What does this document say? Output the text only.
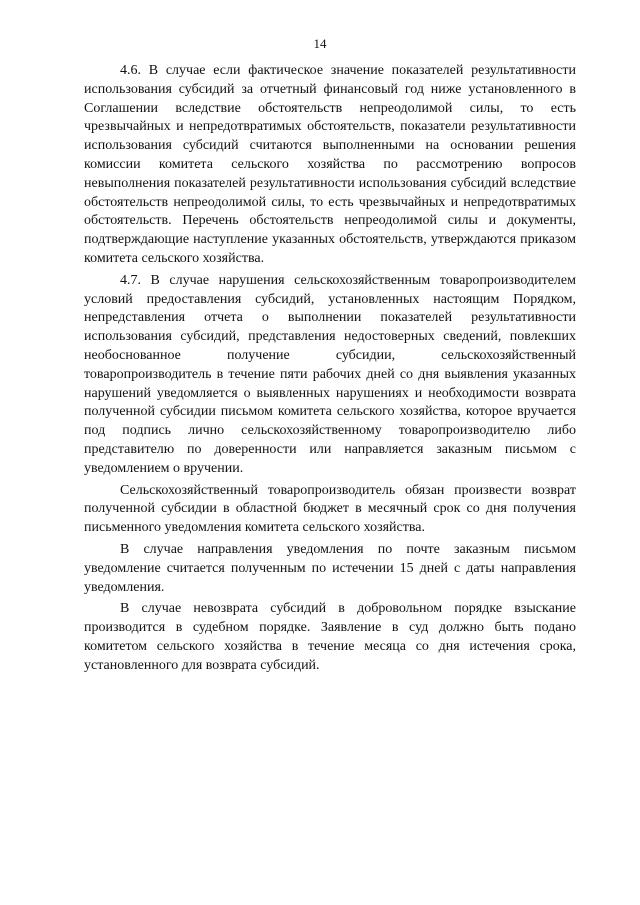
14

4.6. В случае если фактическое значение показателей результативности использования субсидий за отчетный финансовый год ниже установленного в Соглашении вследствие обстоятельств непреодолимой силы, то есть чрезвычайных и непредотвратимых обстоятельств, показатели результативности использования субсидий считаются выполненными на основании решения комиссии комитета сельского хозяйства по рассмотрению вопросов невыполнения показателей результативности использования субсидий вследствие обстоятельств непреодолимой силы, то есть чрезвычайных и непредотвратимых обстоятельств. Перечень обстоятельств непреодолимой силы и документы, подтверждающие наступление указанных обстоятельств, утверждаются приказом комитета сельского хозяйства.

4.7. В случае нарушения сельскохозяйственным товаропроизводителем условий предоставления субсидий, установленных настоящим Порядком, непредставления отчета о выполнении показателей результативности использования субсидий, представления недостоверных сведений, повлекших необоснованное получение субсидии, сельскохозяйственный товаропроизводитель в течение пяти рабочих дней со дня выявления указанных нарушений уведомляется о выявленных нарушениях и необходимости возврата полученной субсидии письмом комитета сельского хозяйства, которое вручается под подпись лично сельскохозяйственному товаропроизводителю либо представителю по доверенности или направляется заказным письмом с уведомлением о вручении.

Сельскохозяйственный товаропроизводитель обязан произвести возврат полученной субсидии в областной бюджет в месячный срок со дня получения письменного уведомления комитета сельского хозяйства.

В случае направления уведомления по почте заказным письмом уведомление считается полученным по истечении 15 дней с даты направления уведомления.

В случае невозврата субсидий в добровольном порядке взыскание производится в судебном порядке. Заявление в суд должно быть подано комитетом сельского хозяйства в течение месяца со дня истечения срока, установленного для возврата субсидий.
